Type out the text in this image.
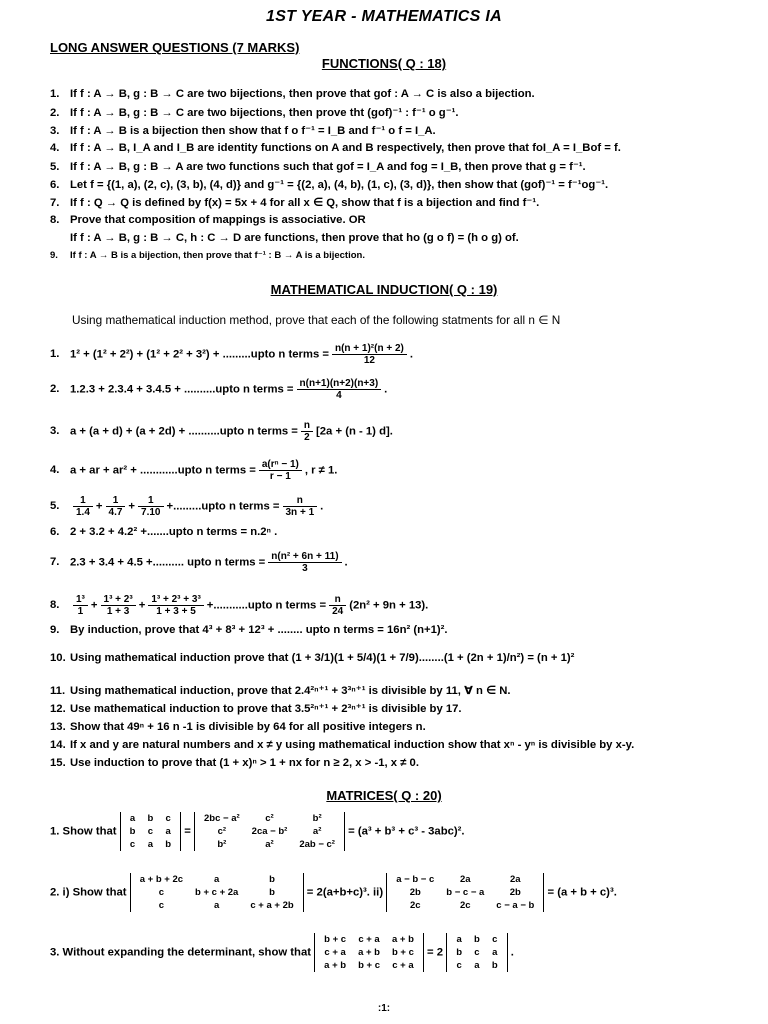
1ST YEAR - MATHEMATICS IA
LONG ANSWER QUESTIONS (7 MARKS)
FUNCTIONS( Q : 18)
1. If f : A → B, g : B → C are two bijections, then prove that gof : A → C is also a bijection.
2. If f : A → B, g : B → C are two bijections, then prove tht (gof)⁻¹ : f⁻¹ o g⁻¹.
3. If f : A → B is a bijection then show that f o f⁻¹ = I_B and f⁻¹ o f = I_A.
4. If f : A → B, I_A and I_B are identity functions on A and B respectively, then prove that foI_A = I_Bof = f.
5. If f : A → B, g : B → A are two functions such that gof = I_A and fog = I_B, then prove that g = f⁻¹.
6. Let f = {(1, a), (2, c), (3, b), (4, d)} and g⁻¹ = {(2, a), (4, b), (1, c), (3, d)}, then show that (gof)⁻¹ = f⁻¹og⁻¹.
7. If f : Q → Q is defined by f(x) = 5x + 4 for all x ∈ Q, show that f is a bijection and find f⁻¹.
8. Prove that composition of mappings is associative. OR
If f : A → B, g : B → C, h : C → D are functions, then prove that ho (g o f) = (h o g) of.
9. If f : A → B is a bijection, then prove that f⁻¹ : B → A is a bijection.
MATHEMATICAL INDUCTION( Q : 19)
Using mathematical induction method, prove that each of the following statments for all n ∈ N
1. 1² + (1² + 2²) + (1² + 2² + 3²) + .........upto n terms = $\frac{\text{n(n + 1)²(n + 2)}}{12}$ .
2. 1.2.3 + 2.3.4 + 3.4.5 + ..........upto n terms = $\frac{n(n+1)(n+2)(n+3)}{4}$ .
3. a + (a + d) + (a + 2d) + ..........upto n terms = $\frac{n}{2} [2a + (n - 1)$ d].
4. a + ar + ar² + ............upto n terms = $\frac{\text{a(rⁿ − 1)}}{r - 1}$ , r ≠ 1.
5. $\frac{1}{1.4} + \frac{1}{4.7} + \frac{1}{7.10}$ +.........upto n terms = $\frac{n}{3n + 1}$ .
6. 2 + 3.2 + 4.2² +.......upto n terms = n.2ⁿ .
7. 2.3 + 3.4 + 4.5 +.......... upto n terms = $\frac{\text{n(n² + 6n + 11)}}{3}$ .
8. $\frac{\text{1³}}{1} + \frac{\text{1³ + 2³}}{1 + 3} + \frac{\text{1³ + 2³ + 3³}}{1 + 3 + 5}$ +...........upto n terms = $\frac{n}{24} (2n^2 + 9n + 13)$.
9. By induction, prove that 4³ + 8³ + 12³ + ........ upto n terms = 16n² (n+1)².
10. Using mathematical induction prove that (1 + 3/1)(1 + 5/4)(1 + 7/9)........(1 + (2n + 1)/n²) = (n + 1)²
11. Using mathematical induction, prove that 2.4²ⁿ⁺¹ + 3³ⁿ⁺¹ is divisible by 11, ∀ n ∈ N.
12. Use mathematical induction to prove that 3.5²ⁿ⁺¹ + 2³ⁿ⁺¹ is divisible by 17.
13. Show that 49ⁿ + 16 n -1 is divisible by 64 for all positive integers n.
14. If x and y are natural numbers and x ≠ y using mathematical induction show that xⁿ - yⁿ is divisible by x-y.
15. Use induction to prove that (1 + x)ⁿ > 1 + nx for n ≥ 2, x > -1, x ≠ 0.
MATRICES( Q : 20)
1. Show that
a	b	c
b	c	a
c	a	b
=
2bc − a²	c²	b²
c²	2ca − b²	a²
b²	a²	2ab − c²
= (a³ + b³ + c³ - 3abc)².
2. i) Show that
a + b + 2c	a	b
c	b + c + 2a	b
c	a	c + a + 2b
= 2(a+b+c)³. ii)
a − b − c	2a	2a
2b	b − c − a	2b
2c	2c	c − a − b
= (a + b + c)³.
3. Without expanding the determinant, show that
b + c	c + a	a + b
c + a	a + b	b + c
a + b	b + c	c + a
= 2
a	b	c
b	c	a
c	a	b
.
:1:
